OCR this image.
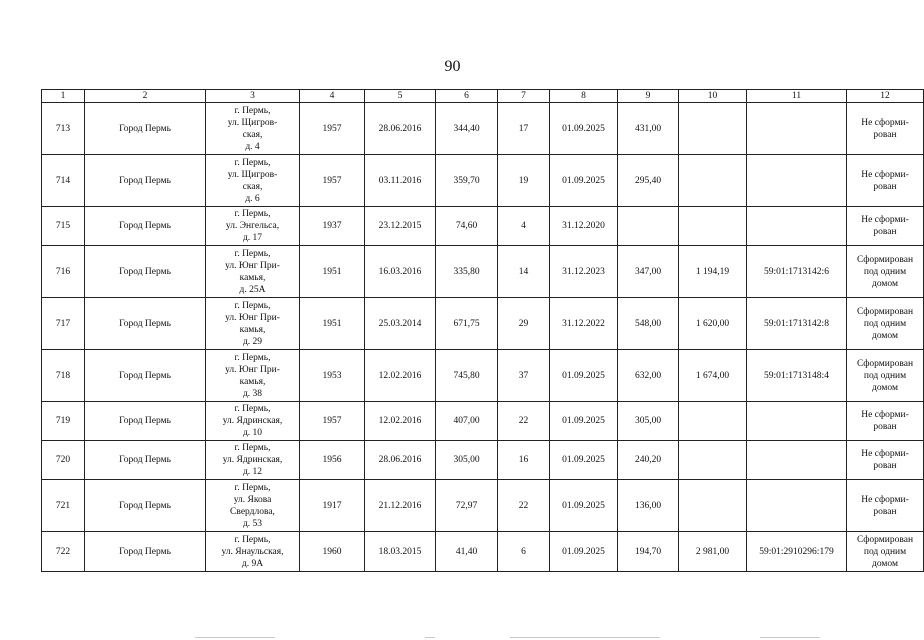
90
1	2	3	4	5	6	7	8	9	10	11	12
713	Город Пермь	г. Пермь,
ул. Щигров-
ская,
д. 4	1957	28.06.2016	344,40	17	01.09.2025	431,00			Не сформи-
рован
714	Город Пермь	г. Пермь,
ул. Щигров-
ская,
д. 6	1957	03.11.2016	359,70	19	01.09.2025	295,40			Не сформи-
рован
715	Город Пермь	г. Пермь,
ул. Энгельса,
д. 17	1937	23.12.2015	74,60	4	31.12.2020				Не сформи-
рован
716	Город Пермь	г. Пермь,
ул. Юнг При-
камья,
д. 25А	1951	16.03.2016	335,80	14	31.12.2023	347,00	1 194,19	59:01:1713142:6	Сформирован
под одним
домом
717	Город Пермь	г. Пермь,
ул. Юнг При-
камья,
д. 29	1951	25.03.2014	671,75	29	31.12.2022	548,00	1 620,00	59:01:1713142:8	Сформирован
под одним
домом
718	Город Пермь	г. Пермь,
ул. Юнг При-
камья,
д. 38	1953	12.02.2016	745,80	37	01.09.2025	632,00	1 674,00	59:01:1713148:4	Сформирован
под одним
домом
719	Город Пермь	г. Пермь,
ул. Ядринская,
д. 10	1957	12.02.2016	407,00	22	01.09.2025	305,00			Не сформи-
рован
720	Город Пермь	г. Пермь,
ул. Ядринская,
д. 12	1956	28.06.2016	305,00	16	01.09.2025	240,20			Не сформи-
рован
721	Город Пермь	г. Пермь,
ул. Якова
Свердлова,
д. 53	1917	21.12.2016	72,97	22	01.09.2025	136,00			Не сформи-
рован
722	Город Пермь	г. Пермь,
ул. Янаульская,
д. 9А	1960	18.03.2015	41,40	6	01.09.2025	194,70	2 981,00	59:01:2910296:179	Сформирован
под одним
домом
